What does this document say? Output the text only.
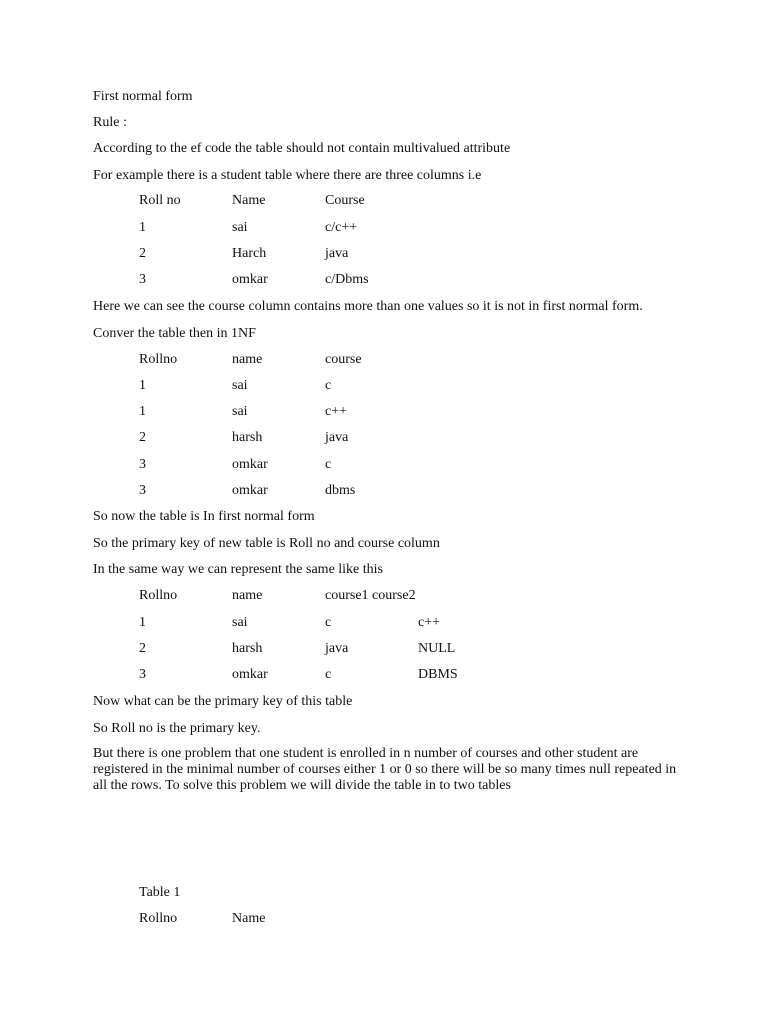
First normal form
Rule :
According to the ef code the table should not contain multivalued attribute
For example there is a student table where there are three columns i.e
Roll no	Name	Course
1	sai	c/c++
2	Harch	java
3	omkar	c/Dbms
Here we can see the course column contains more than one values so it is not in first normal form.
Conver the table then in 1NF
Rollno	name	course
1	sai	c
1	sai	c++
2	harsh	java
3	omkar	c
3	omkar	dbms
So now the table is In first normal form
So the primary key of new table is Roll no and course column
In the same way we can represent the same like this
Rollno	name	course1 course2
1	sai	c	c++
2	harsh	java	NULL
3	omkar	c	DBMS
Now what can be the primary key of this table
So Roll no is the primary key.
But there is one problem that one student is enrolled in n number of courses and other student are registered in the minimal number of courses either 1 or 0 so there will be so many times null repeated in all the rows. To solve this problem we will divide the table in to two tables
Table 1
Rollno	Name
